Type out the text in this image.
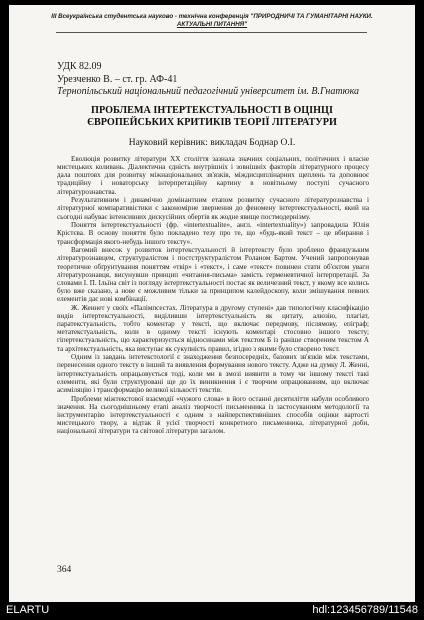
III Всеукраїнська студентська науково - технічна конференція "ПРИРОДНИЧІ ТА ГУМАНІТАРНІ НАУКИ.
АКТУАЛЬНІ ПИТАННЯ"
УДК 82.09
Урезченко В. – ст. гр. АФ-41
Тернопільський національний педагогічний університет ім. В.Гнатюка
ПРОБЛЕМА ІНТЕРТЕКСТУАЛЬНОСТІ В ОЦІНЦІ
ЄВРОПЕЙСЬКИХ КРИТИКІВ ТЕОРІЇ ЛІТЕРАТУРИ
Науковий керівник: викладач Боднар О.І.

Еволюція розвитку літератури ХХ століття зазнала значних соціальних, політичних і власне мистецьких коливань. Діалектична єдність внутрішніх і зовнішніх факторів літературного процесу дала поштовх для розвитку міжнаціональних зв'язків, міждисциплінарних щеплень та доповнює традиційну і новаторську інтерпретаційну картину в новітньому поступі сучасного літературознавства.

Результативним і динамічно домінантним етапом розвитку сучасного літературознавства і літературної компаративістики є закономірне звернення до феномену інтертекстуальності, який на сьогодні набуває інтенсивних дискусійних обертів як жодне явище постмодернізму.

Поняття інтертекстуальності (фр. «intertextualite», англ. «intertextuality») запровадила Юлія Крістєва. В основу поняття було покладено тезу про те, що «будь-який текст – це вбирання і трансформація якого-небудь іншого тексту».

Вагомий внесок у розвиток інтертекстуальності й інтертексту було зроблено французьким літературознавцем, структуралістом і постструктуралістом Роланом Бартом. Учений запропонував теоретичне обґрунтування поняттям «твір» і «текст», і саме «текст» повинен стати об'єктом уваги літературознавця, висунувши принцип «читання-письма» замість герменевтичної інтерпретації. За словами І. П. Ільїна світ із погляду інтертекстуальності постає як величезний текст, у якому все колись було вже сказано, а нове є можливим тільки за принципом калейдоскопу, коли змішування певних елементів дає нові комбінації.

Ж. Женнет у своїх «Палімпсестах. Література в другому ступені» дав типологічну класифікацію видів інтертекстуальності, виділивши інтертекстуальність як цитату, алюзію, плагіат, паратекстуальність, тобто коментар у тексті, що включає передмову, післямову, епіграф; метатекстуальність, коли в одному тексті існують коментарі стосовно іншого тексту; гіпертекстуальність, що характеризується відносинами між текстом Б із раніше створеним текстом А та архітекстуальність, яка виступає як сукупність правил, згідно з якими було створено текст.

Одним із завдань інтетекстології є знаходження безпосередніх, базових зв'язків між текстами, перенесення одного тексту в інший та виявлення формування нового тексту. Адже на думку Л. Женні, інтертекстуальність опрацьовується тоді, коли ми в змозі виявити в тому чи іншому тексті такі елементи, які були структуровані ще до їх виникнення і є творчим опрацюванням, що включає асиміляцію і трансформацію великої кількості текстів.

Проблеми міжтекстової взаємодії «чужого слова» в його останні десятиліття набули особливого значення. На сьогоднішньому етапі аналіз творчості письменника із застосуванням методології та інструментарію інтертекстуальності є одним з найперспективніших способів оцінки вартості мистецького твору, а відтак й усієї творчості конкретного письменника, літературної доби, національної літератури та світової літератури загалом.

364
ELARTU	hdl:123456789/11548
